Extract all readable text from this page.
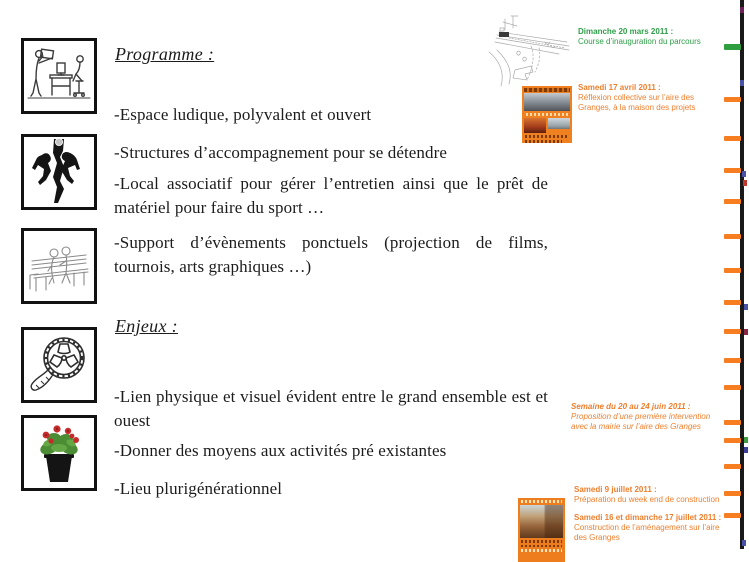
Programme :

-Espace ludique, polyvalent et ouvert

-Structures d’accompagnement pour se détendre

-Local associatif pour gérer l’entretien ainsi que le prêt de matériel pour faire du sport …

-Support d’évènements ponctuels (projection de films, tournois, arts graphiques …)

Enjeux :

-Lien physique et visuel évident entre le grand ensemble est et ouest

-Donner des moyens aux activités pré existantes

-Lieu plurigénérationnel

Dimanche 20 mars 2011 :
Course d’inauguration du parcours
Samedi 17 avril 2011 :
Réflexion collective sur l’aire des Granges, à la maison des projets
Semaine du 20 au 24 juin 2011 :
Proposition d’une première intervention avec la mairie sur l’aire des Granges
Samedi 9 juillet 2011 :
Préparation du week end de construction
Samedi 16 et dimanche 17 juillet 2011 :
Construction de l’aménagement sur l’aire des Granges
